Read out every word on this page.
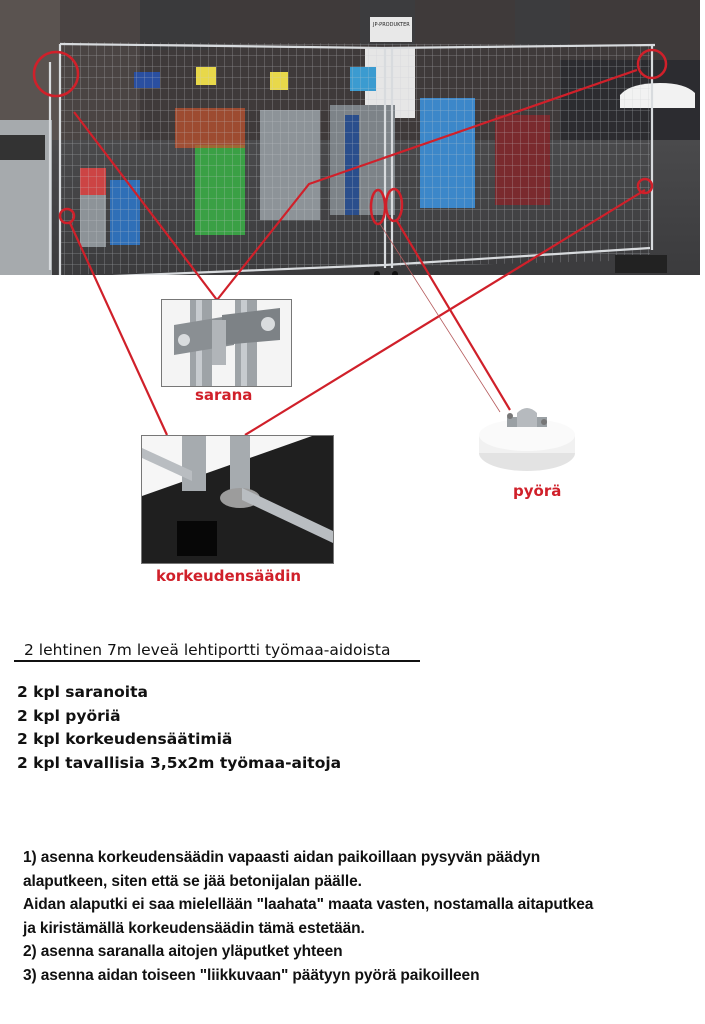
JP-PRODUKTER
sarana
korkeudensäädin
pyörä
2 lehtinen 7m leveä lehtiportti työmaa-aidoista
2 kpl saranoita
2 kpl pyöriä
2 kpl korkeudensäätimiä
2 kpl tavallisia 3,5x2m työmaa-aitoja
1) asenna korkeudensäädin vapaasti aidan paikoillaan pysyvän päädyn
alaputkeen, siten että se jää betonijalan päälle.
Aidan alaputki ei saa mielellään "laahata" maata vasten, nostamalla aitaputkea
ja kiristämällä korkeudensäädin tämä estetään.
2) asenna saranalla aitojen yläputket yhteen
3) asenna aidan toiseen "liikkuvaan" päätyyn pyörä paikoilleen
